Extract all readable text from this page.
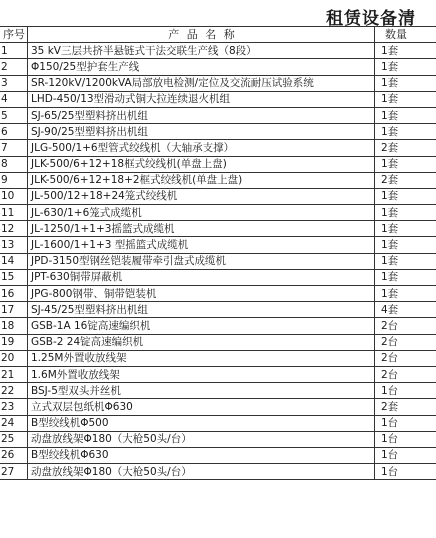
租赁设备清
序号	产 品 名 称	数量
1	35 kV三层共挤半悬链式干法交联生产线（8段）	1套
2	Φ150/25型护套生产线	1套
3	SR-120kV/1200kVA局部放电检测/定位及交流耐压试验系统	1套
4	LHD-450/13型滑动式铜大拉连续退火机组	1套
5	SJ-65/25型塑料挤出机组	1套
6	SJ-90/25型塑料挤出机组	1套
7	JLG-500/1+6型管式绞线机（大轴承支撑）	2套
8	JLK-500/6+12+18框式绞线机(单盘上盘)	1套
9	JLK-500/6+12+18+2框式绞线机(单盘上盘)	2套
10	JL-500/12+18+24笼式绞线机	1套
11	JL-630/1+6笼式成缆机	1套
12	JL-1250/1+1+3摇篮式成缆机	1套
13	JL-1600/1+1+3 型摇篮式成缆机	1套
14	JPD-3150型钢丝铠装履带牵引盘式成缆机	1套
15	JPT-630铜带屏蔽机	1套
16	JPG-800钢带、铜带铠装机	1套
17	SJ-45/25型塑料挤出机组	4套
18	GSB-1A 16锭高速编织机	2台
19	GSB-2 24锭高速编织机	2台
20	1.25M外置收放线架	2台
21	1.6M外置收放线架	2台
22	BSJ-5型双头并丝机	1台
23	立式双层包纸机Φ630	2套
24	B型绞线机Φ500	1台
25	动盘放线架Φ180（大枪50头/台）	1台
26	B型绞线机Φ630	1台
27	动盘放线架Φ180（大枪50头/台）	1台
